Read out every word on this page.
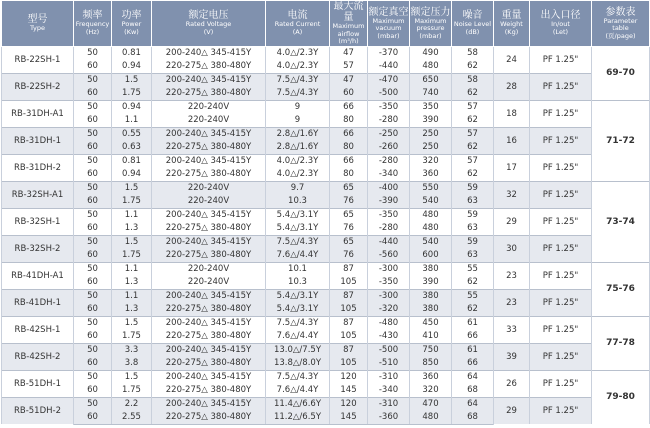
型号
Type	频率
Frequency
(Hz)	功率
Power
(Kw)	额定电压
Rated Voltage
(V)	电流
Rated Current
(A)	最大流量
Maximum
airflow
(m³/h)	额定真空
Maximum
vacuum
(mbar)	额定压力
Maximum
pressure
(mbar)	噪音
Noise Level
(dB)	重量
Weight
(Kg)	出入口径
In/out
(Let)	参数表
Parameter
table
(页/page)

RB-22SH-1	50	0.81	200-240△ 345-415Y	4.0△/2.3Y	47	-370	490	58	24	PF 1.25"	69-70
	60	0.94	220-275△ 380-480Y	4.0△/2.3Y	57	-440	480	62			
RB-22SH-2	50	1.5	200-240△ 345-415Y	7.5△/4.3Y	47	-470	650	58	28	PF 1.25"	
	60	1.75	220-275△ 380-480Y	7.5△/4.3Y	60	-500	740	62			
RB-31DH-A1	50	0.94	220-240V	9	66	-350	350	57	18	PF 1.25"	71-72
	60	1.1	220-240V	9	80	-280	390	62			
RB-31DH-1	50	0.55	200-240△ 345-415Y	2.8△/1.6Y	66	-250	250	57	16	PF 1.25"	
	60	0.63	220-275△ 380-480Y	2.8△/1.6Y	80	-260	250	62			
RB-31DH-2	50	0.81	200-240△ 345-415Y	4.0△/2.3Y	66	-280	320	57	17	PF 1.25"	
	60	0.94	220-275△ 380-480Y	4.0△/2.3Y	80	-340	360	62			
RB-32SH-A1	50	1.5	220-240V	9.7	65	-400	550	59	32	PF 1.25"	73-74
	60	1.75	220-240V	10.3	76	-390	540	63			
RB-32SH-1	50	1.1	200-240△ 345-415Y	5.4△/3.1Y	65	-350	480	59	29	PF 1.25"	
	60	1.3	220-275△ 380-480Y	5.4△/3.1Y	76	-280	480	63			
RB-32SH-2	50	1.5	200-240△ 345-415Y	7.5△/4.3Y	65	-440	540	59	30	PF 1.25"	
	60	1.75	220-275△ 380-480Y	7.6△/4.4Y	76	-560	600	63			
RB-41DH-A1	50	1.1	220-240V	10.1	87	-300	380	55	23	PF 1.25"	75-76
	60	1.3	220-240V	10.3	105	-350	390	62			
RB-41DH-1	50	1.1	200-240△ 345-415Y	5.4△/3.1Y	87	-300	380	55	23	PF 1.25"	
	60	1.3	220-275△ 380-480Y	5.4△/3.1Y	105	-320	380	62			
RB-42SH-1	50	1.5	200-240△ 345-415Y	7.5△/4.3Y	87	-480	450	61	33	PF 1.25"	77-78
	60	1.75	220-275△ 380-480Y	7.6△/4.4Y	105	-430	410	66			
RB-42SH-2	50	3.3	200-240△ 345-415Y	13.0△/7.5Y	87	-500	750	61	39	PF 1.25"	
	60	3.8	220-275△ 380-480Y	13.8△/8.0Y	105	-510	850	66			
RB-51DH-1	50	1.5	200-240△ 345-415Y	7.5△/4.3Y	120	-310	360	64	26	PF 1.25"	79-80
	60	1.75	220-275△ 380-480Y	7.6△/4.4Y	145	-340	320	68			
RB-51DH-2	50	2.2	200-240△ 345-415Y	11.4△/6.6Y	120	-310	470	64	29	PF 1.25"	
	60	2.55	220-275△ 380-480Y	11.2△/6.5Y	145	-360	480	68			
